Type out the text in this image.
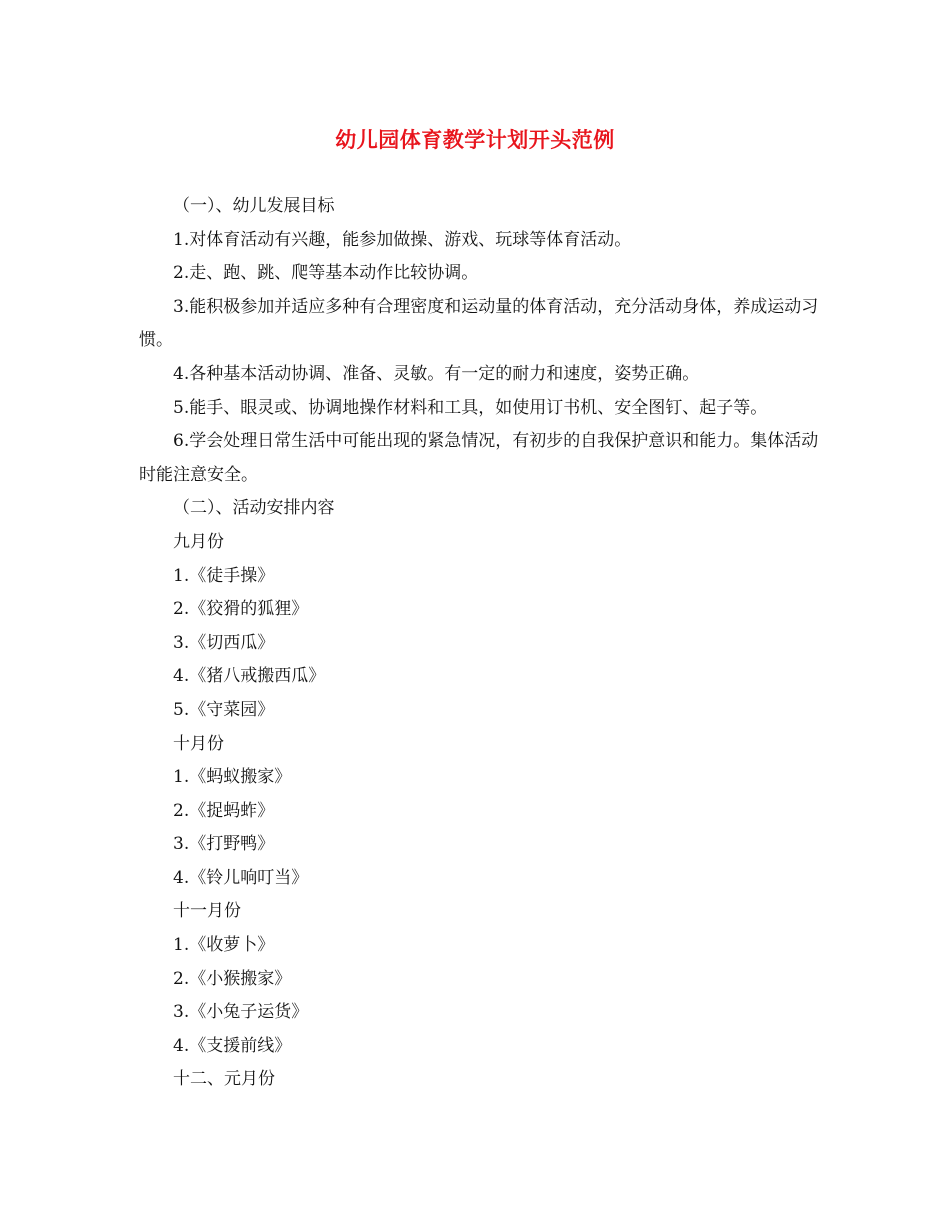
幼儿园体育教学计划开头范例

（一）、幼儿发展目标

1.对体育活动有兴趣，能参加做操、游戏、玩球等体育活动。

2.走、跑、跳、爬等基本动作比较协调。

3.能积极参加并适应多种有合理密度和运动量的体育活动，充分活动身体，养成运动习惯。

4.各种基本活动协调、准备、灵敏。有一定的耐力和速度，姿势正确。

5.能手、眼灵或、协调地操作材料和工具，如使用订书机、安全图钉、起子等。

6.学会处理日常生活中可能出现的紧急情况，有初步的自我保护意识和能力。集体活动时能注意安全。

（二）、活动安排内容

九月份

1.《徒手操》

2.《狡猾的狐狸》

3.《切西瓜》

4.《猪八戒搬西瓜》

5.《守菜园》

十月份

1.《蚂蚁搬家》

2.《捉蚂蚱》

3.《打野鸭》

4.《铃儿响叮当》

十一月份

1.《收萝卜》

2.《小猴搬家》

3.《小兔子运货》

4.《支援前线》

十二、元月份
